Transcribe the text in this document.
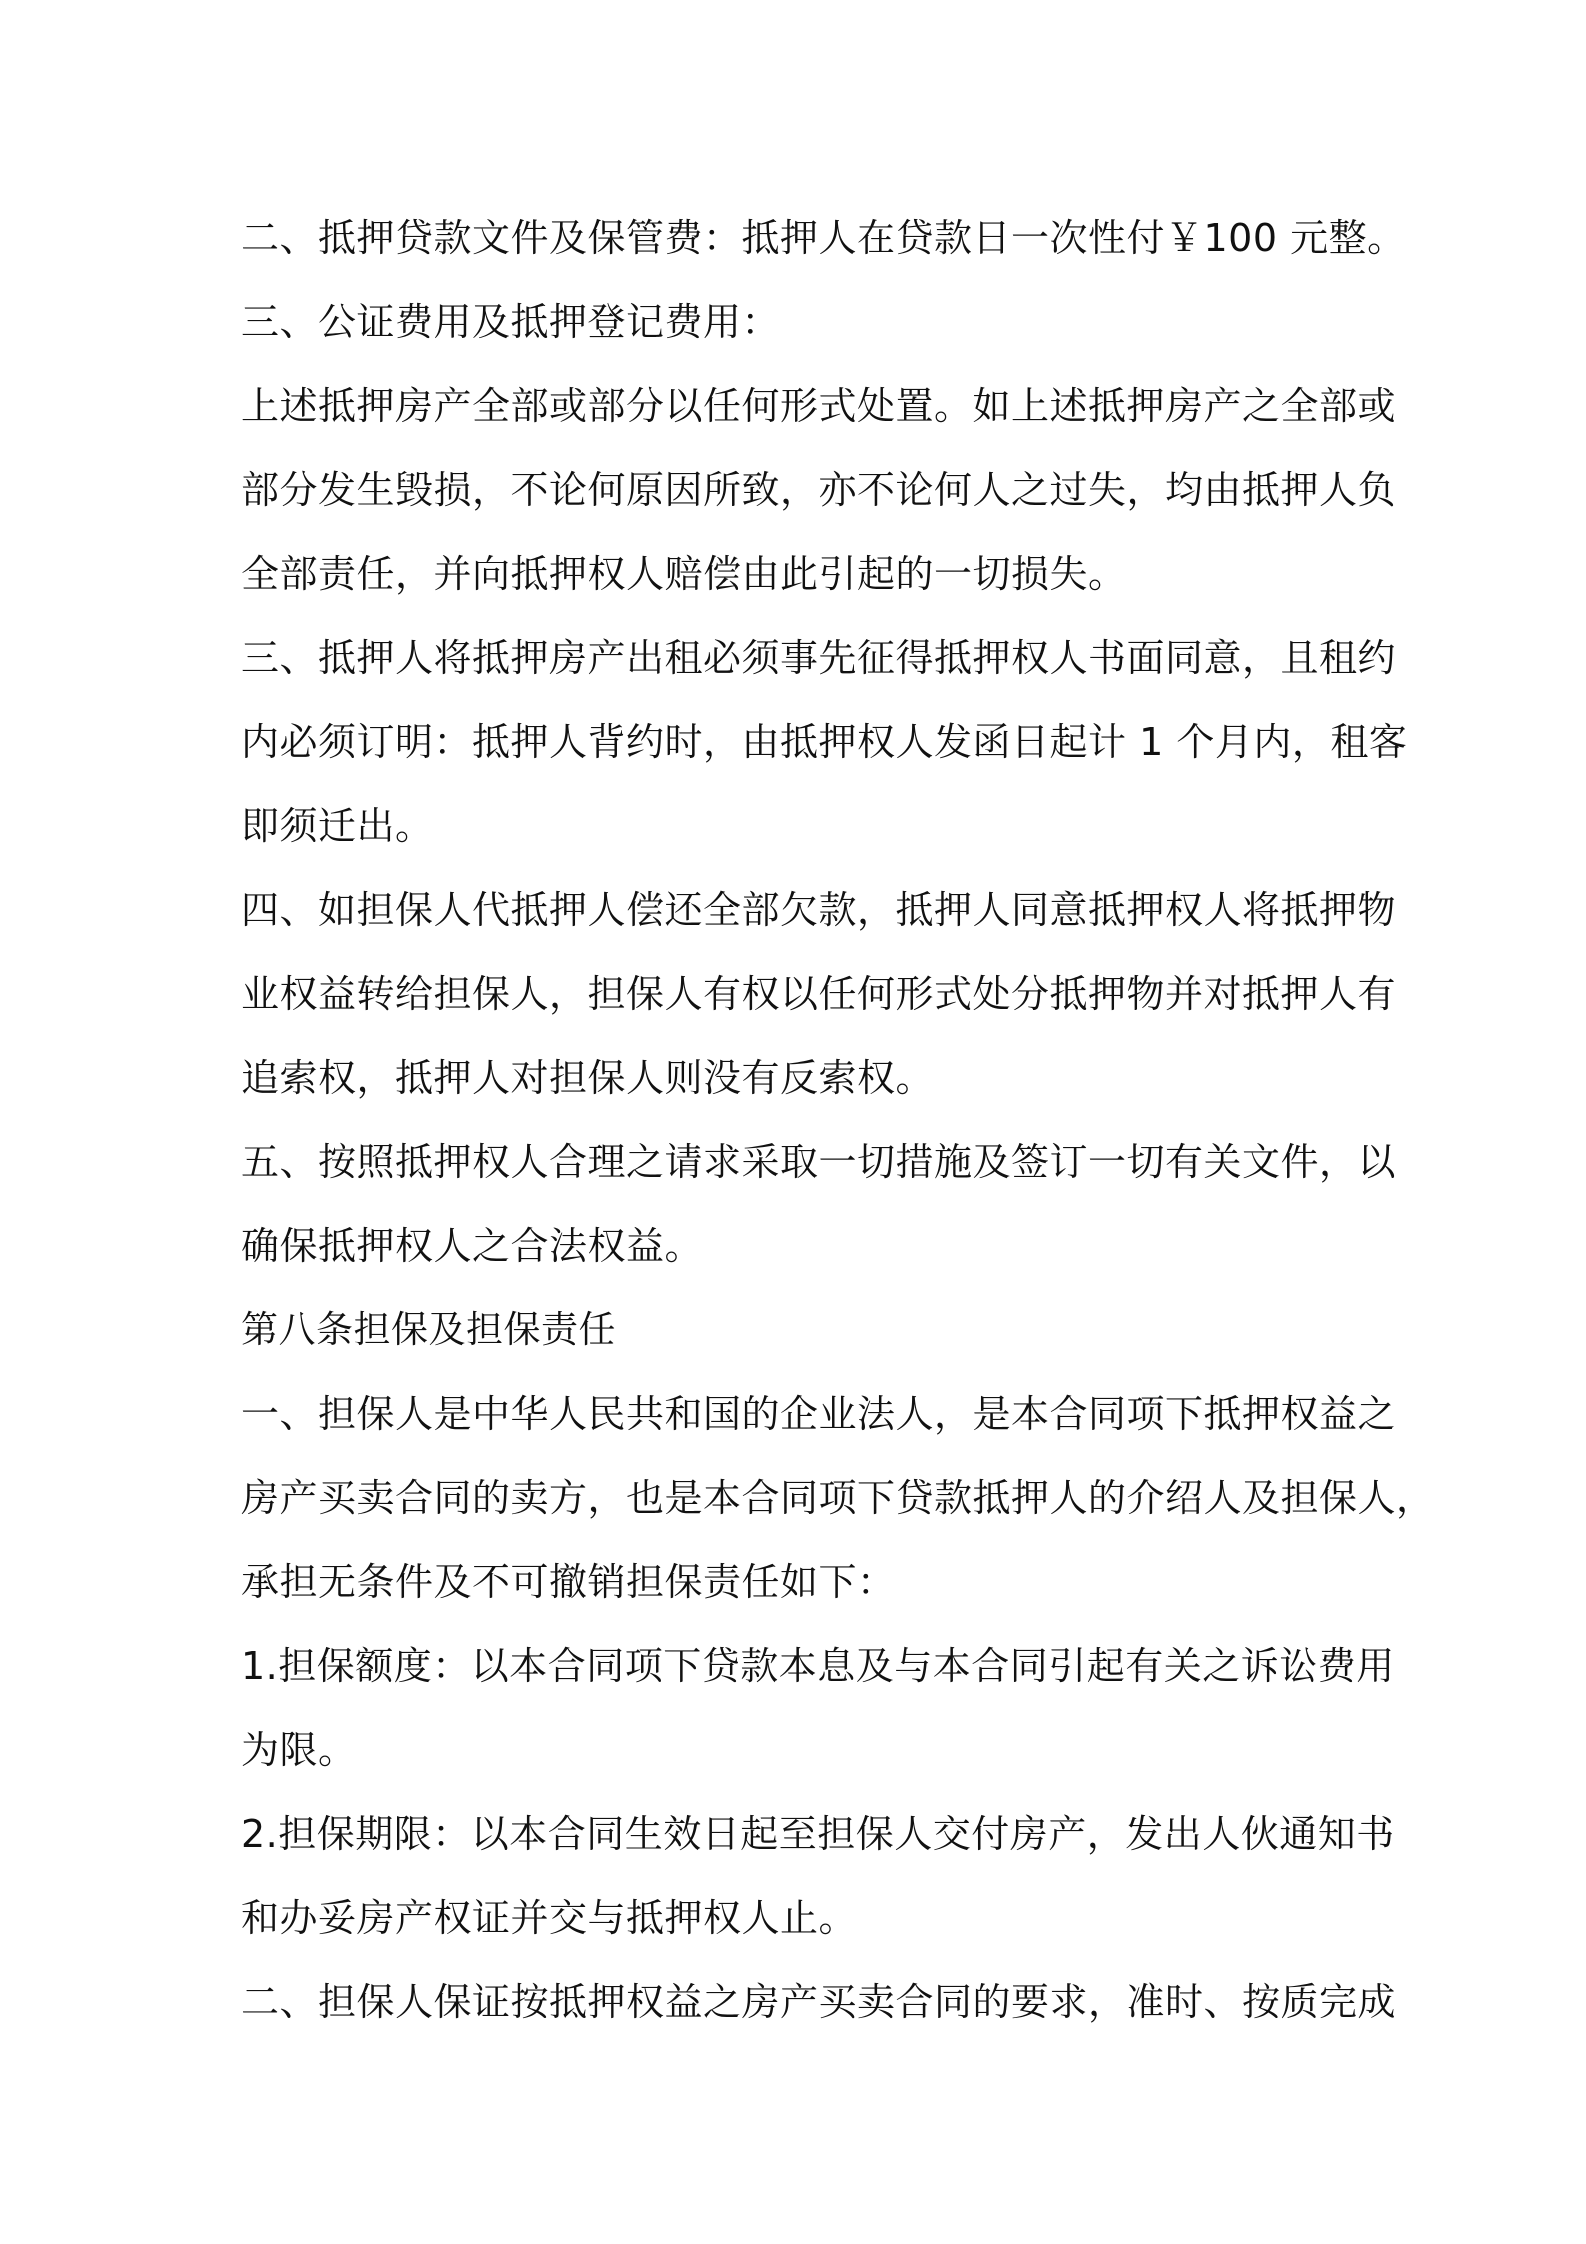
二、抵押贷款文件及保管费：抵押人在贷款日一次性付￥100 元整。
三、公证费用及抵押登记费用：
上述抵押房产全部或部分以任何形式处置。如上述抵押房产之全部或
部分发生毁损，不论何原因所致，亦不论何人之过失，均由抵押人负
全部责任，并向抵押权人赔偿由此引起的一切损失。
三、抵押人将抵押房产出租必须事先征得抵押权人书面同意，且租约
内必须订明：抵押人背约时，由抵押权人发函日起计 1 个月内，租客
即须迁出。
四、如担保人代抵押人偿还全部欠款，抵押人同意抵押权人将抵押物
业权益转给担保人，担保人有权以任何形式处分抵押物并对抵押人有
追索权，抵押人对担保人则没有反索权。
五、按照抵押权人合理之请求采取一切措施及签订一切有关文件，以
确保抵押权人之合法权益。
第八条担保及担保责任
一、担保人是中华人民共和国的企业法人，是本合同项下抵押权益之
房产买卖合同的卖方，也是本合同项下贷款抵押人的介绍人及担保人，
承担无条件及不可撤销担保责任如下：
1.担保额度：以本合同项下贷款本息及与本合同引起有关之诉讼费用
为限。
2.担保期限：以本合同生效日起至担保人交付房产，发出人伙通知书
和办妥房产权证并交与抵押权人止。
二、担保人保证按抵押权益之房产买卖合同的要求，准时、按质完成
